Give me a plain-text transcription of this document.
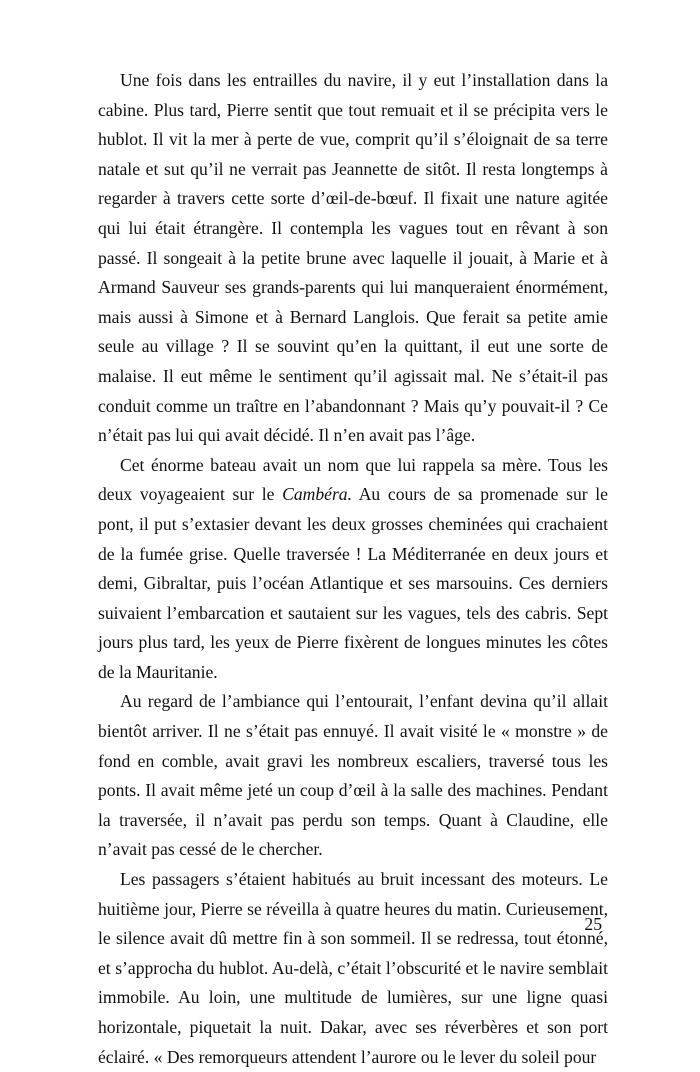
Une fois dans les entrailles du navire, il y eut l’installation dans la cabine. Plus tard, Pierre sentit que tout remuait et il se précipita vers le hublot. Il vit la mer à perte de vue, comprit qu’il s’éloignait de sa terre natale et sut qu’il ne verrait pas Jeannette de sitôt. Il resta longtemps à regarder à travers cette sorte d’œil-de-bœuf. Il fixait une nature agitée qui lui était étrangère. Il contempla les vagues tout en rêvant à son passé. Il songeait à la petite brune avec laquelle il jouait, à Marie et à Armand Sauveur ses grands-parents qui lui manqueraient énormément, mais aussi à Simone et à Bernard Langlois. Que ferait sa petite amie seule au village ? Il se souvint qu’en la quittant, il eut une sorte de malaise. Il eut même le sentiment qu’il agissait mal. Ne s’était-il pas conduit comme un traître en l’abandonnant ? Mais qu’y pouvait-il ? Ce n’était pas lui qui avait décidé. Il n’en avait pas l’âge.

Cet énorme bateau avait un nom que lui rappela sa mère. Tous les deux voyageaient sur le Cambéra. Au cours de sa promenade sur le pont, il put s’extasier devant les deux grosses cheminées qui crachaient de la fumée grise. Quelle traversée ! La Méditerranée en deux jours et demi, Gibraltar, puis l’océan Atlantique et ses marsouins. Ces derniers suivaient l’embarcation et sautaient sur les vagues, tels des cabris. Sept jours plus tard, les yeux de Pierre fixèrent de longues minutes les côtes de la Mauritanie.

Au regard de l’ambiance qui l’entourait, l’enfant devina qu’il allait bientôt arriver. Il ne s’était pas ennuyé. Il avait visité le « monstre » de fond en comble, avait gravi les nombreux escaliers, traversé tous les ponts. Il avait même jeté un coup d’œil à la salle des machines. Pendant la traversée, il n’avait pas perdu son temps. Quant à Claudine, elle n’avait pas cessé de le chercher.

Les passagers s’étaient habitués au bruit incessant des moteurs. Le huitième jour, Pierre se réveilla à quatre heures du matin. Curieusement, le silence avait dû mettre fin à son sommeil. Il se redressa, tout étonné, et s’approcha du hublot. Au-delà, c’était l’obscurité et le navire semblait immobile. Au loin, une multitude de lumières, sur une ligne quasi horizontale, piquetait la nuit. Dakar, avec ses réverbères et son port éclairé. « Des remorqueurs attendent l’aurore ou le lever du soleil pour

25
